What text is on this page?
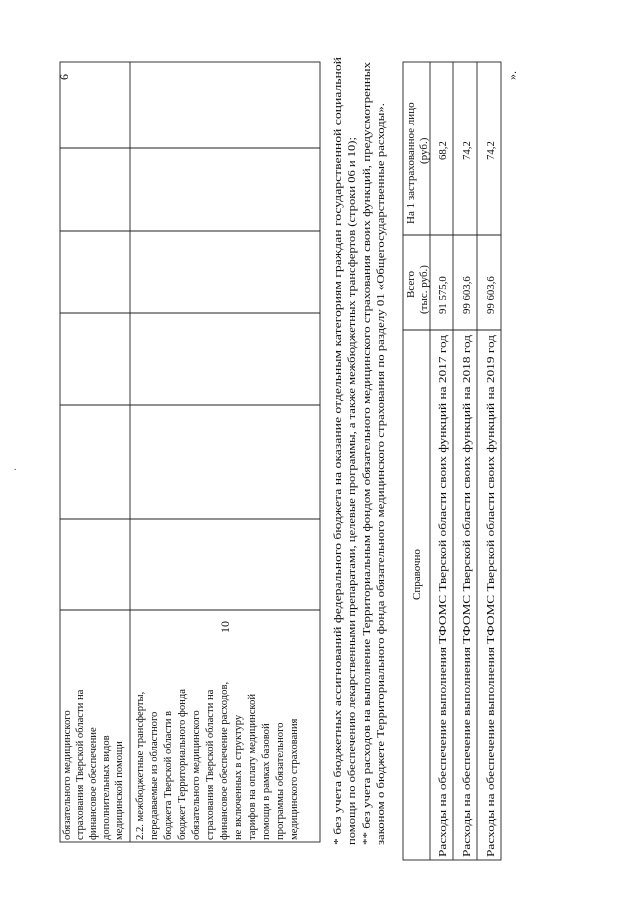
обязательного медицинского страхования Тверской области на финансовое обеспечение дополнительных видов медицинской помощи 2.2. межбюджетные трансферты, передаваемые из областного бюджета Тверской области в бюджет Территориального фонда обязательного медицинского страхования Тверской области на финансовое обеспечение расходов, не включенных в структуру тарифов на оплату медицинской помощи в рамках базовой программы обязательного медицинского страхования
10
6
* без учета бюджетных ассигнований федерального бюджета на оказание отдельным категориям граждан государственной социальной помощи по обеспечению лекарственными препаратами, целевые программы, а также межбюджетных трансфертов (строки 06 и 10); ** без учета расходов на выполнение Территориальным фондом обязательного медицинского страхования своих функций, предусмотренных законом о бюджете Территориального фонда обязательного медицинского страхования по разделу 01 «Общегосударственные расходы». Справочно
Всего (тыс. руб.)
На 1 застрахованное лицо (руб.)
Расходы на обеспечение выполнения ТФОМС Тверской области своих функций на 2017 год
91 575,0
68,2
Расходы на обеспечение выполнения ТФОМС Тверской области своих функций на 2018 год
99 603,6
74,2
Расходы на обеспечение выполнения ТФОМС Тверской области своих функций на 2019 год
99 603,6
74,2
».
.
